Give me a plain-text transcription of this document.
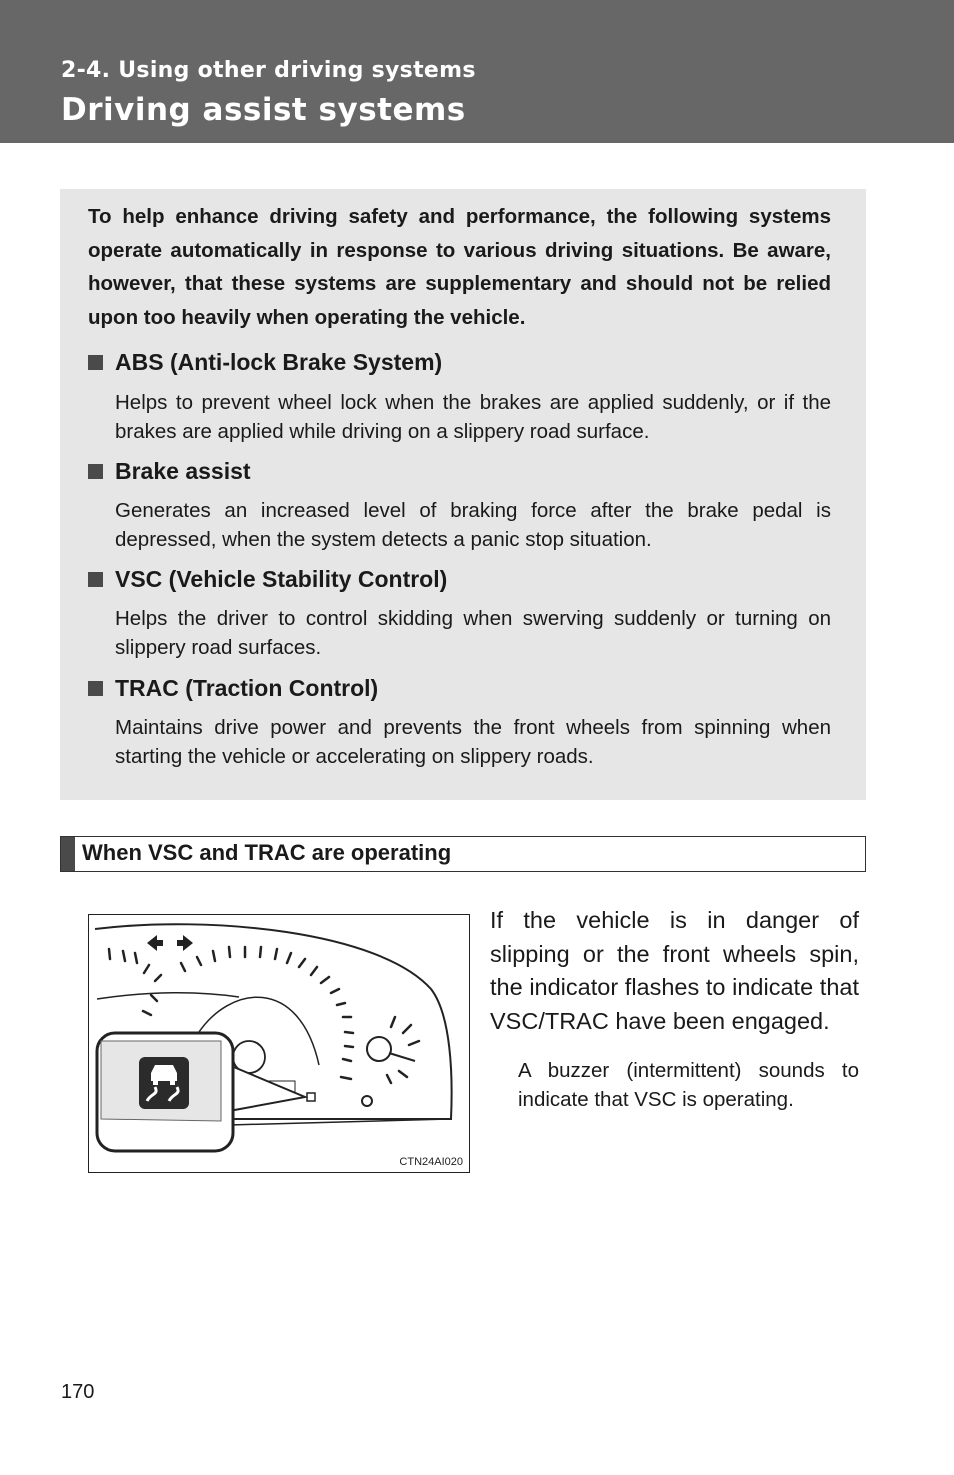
2-4. Using other driving systems
Driving assist systems

To help enhance driving safety and performance, the following systems operate automatically in response to various driving situations. Be aware, however, that these systems are supplementary and should not be relied upon too heavily when operating the vehicle.

ABS (Anti-lock Brake System)

Helps to prevent wheel lock when the brakes are applied suddenly, or if the brakes are applied while driving on a slippery road surface.

Brake assist

Generates an increased level of braking force after the brake pedal is depressed, when the system detects a panic stop situation.

VSC (Vehicle Stability Control)

Helps the driver to control skidding when swerving suddenly or turning on slippery road surfaces.

TRAC (Traction Control)

Maintains drive power and prevents the front wheels from spinning when starting the vehicle or accelerating on slippery roads.

When VSC and TRAC are operating
CTN24AI020

If the vehicle is in danger of slipping or the front wheels spin, the indicator flashes to indicate that VSC/TRAC have been engaged.

A buzzer (intermittent) sounds to indicate that VSC is operating.

170
